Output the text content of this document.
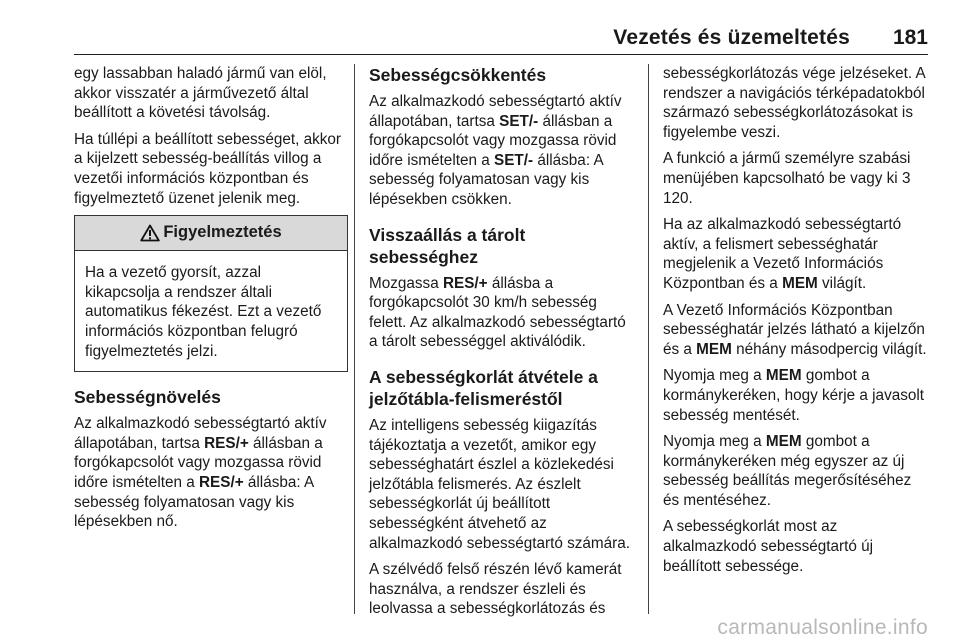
Vezetés és üzemeltetés 181

egy lassabban haladó jármű van elöl, akkor visszatér a járművezető által beállított a követési távolság.

Ha túllépi a beállított sebességet, akkor a kijelzett sebesség-beállítás villog a vezetői információs központban és figyelmeztető üzenet jelenik meg.

Figyelmeztetés
Ha a vezető gyorsít, azzal kikapcsolja a rendszer általi automatikus fékezést. Ezt a vezető információs központban felugró figyelmeztetés jelzi.
Sebességnövelés

Az alkalmazkodó sebességtartó aktív állapotában, tartsa RES/+ állásban a forgókapcsolót vagy mozgassa rövid időre ismételten a RES/+ állásba: A sebesség folyamatosan vagy kis lépésekben nő.

Sebességcsökkentés

Az alkalmazkodó sebességtartó aktív állapotában, tartsa SET/- állásban a forgókapcsolót vagy mozgassa rövid időre ismételten a SET/- állásba: A sebesség folyamatosan vagy kis lépésekben csökken.

Visszaállás a tárolt sebességhez

Mozgassa RES/+ állásba a forgókapcsolót 30 km/h sebesség felett. Az alkalmazkodó sebességtartó a tárolt sebességgel aktiválódik.

A sebességkorlát átvétele a jelzőtábla-felismeréstől

Az intelligens sebesség kiigazítás tájékoztatja a vezetőt, amikor egy sebességhatárt észlel a közlekedési jelzőtábla felismerés. Az észlelt sebességkorlát új beállított sebességként átvehető az alkalmazkodó sebességtartó számára.

A szélvédő felső részén lévő kamerát használva, a rendszer észleli és leolvassa a sebességkorlátozás és

sebességkorlátozás vége jelzéseket. A rendszer a navigációs térképadatokból származó sebességkorlátozásokat is figyelembe veszi.

A funkció a jármű személyre szabási menüjében kapcsolható be vagy ki 3 120.

Ha az alkalmazkodó sebességtartó aktív, a felismert sebességhatár megjelenik a Vezető Információs Központban és a MEM világít.

A Vezető Információs Központban sebességhatár jelzés látható a kijelzőn és a MEM néhány másodpercig világít.

Nyomja meg a MEM gombot a kormánykeréken, hogy kérje a javasolt sebesség mentését.

Nyomja meg a MEM gombot a kormánykeréken még egyszer az új sebesség beállítás megerősítéséhez és mentéséhez.

A sebességkorlát most az alkalmazkodó sebességtartó új beállított sebessége.

carmanualsonline.info
